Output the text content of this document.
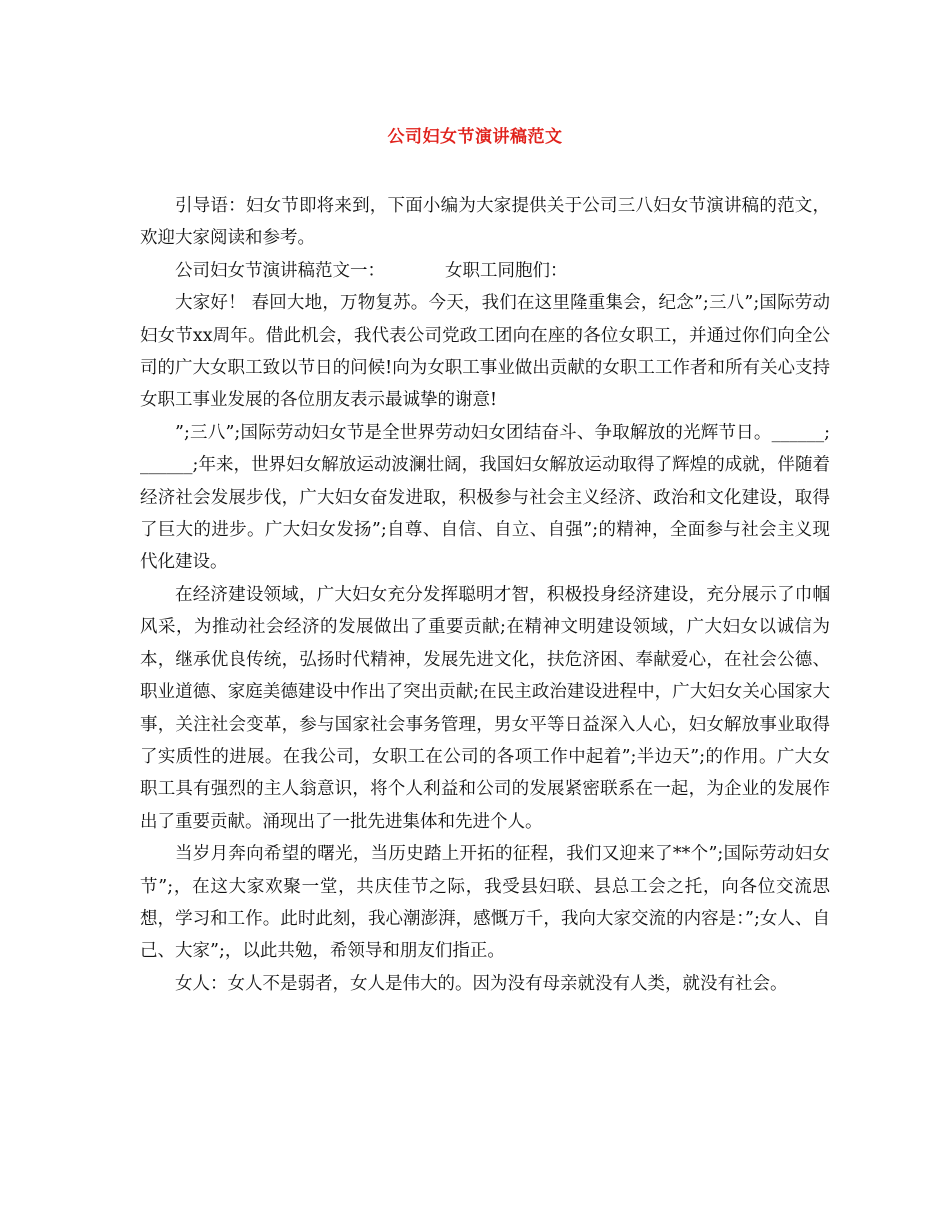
公司妇女节演讲稿范文

引导语：妇女节即将来到，下面小编为大家提供关于公司三八妇女节演讲稿的范文，欢迎大家阅读和参考。

公司妇女节演讲稿范文一：	女职工同胞们：

大家好！ 春回大地，万物复苏。今天，我们在这里隆重集会，纪念”;三八”;国际劳动妇女节xx周年。借此机会，我代表公司党政工团向在座的各位女职工，并通过你们向全公司的广大女职工致以节日的问候!向为女职工事业做出贡献的女职工工作者和所有关心支持女职工事业发展的各位朋友表示最诚挚的谢意!

”;三八”;国际劳动妇女节是全世界劳动妇女团结奋斗、争取解放的光辉节日。______;______;年来，世界妇女解放运动波澜壮阔，我国妇女解放运动取得了辉煌的成就，伴随着经济社会发展步伐，广大妇女奋发进取，积极参与社会主义经济、政治和文化建设，取得了巨大的进步。广大妇女发扬”;自尊、自信、自立、自强”;的精神，全面参与社会主义现代化建设。

在经济建设领域，广大妇女充分发挥聪明才智，积极投身经济建设，充分展示了巾帼风采，为推动社会经济的发展做出了重要贡献;在精神文明建设领域，广大妇女以诚信为本，继承优良传统，弘扬时代精神，发展先进文化，扶危济困、奉献爱心，在社会公德、职业道德、家庭美德建设中作出了突出贡献;在民主政治建设进程中，广大妇女关心国家大事，关注社会变革，参与国家社会事务管理，男女平等日益深入人心，妇女解放事业取得了实质性的进展。在我公司，女职工在公司的各项工作中起着”;半边天”;的作用。广大女职工具有强烈的主人翁意识，将个人利益和公司的发展紧密联系在一起，为企业的发展作出了重要贡献。涌现出了一批先进集体和先进个人。

当岁月奔向希望的曙光，当历史踏上开拓的征程，我们又迎来了**个”;国际劳动妇女节”;，在这大家欢聚一堂，共庆佳节之际，我受县妇联、县总工会之托，向各位交流思想，学习和工作。此时此刻，我心潮澎湃，感慨万千，我向大家交流的内容是：”;女人、自己、大家”;，以此共勉，希领导和朋友们指正。

女人：女人不是弱者，女人是伟大的。因为没有母亲就没有人类，就没有社会。
